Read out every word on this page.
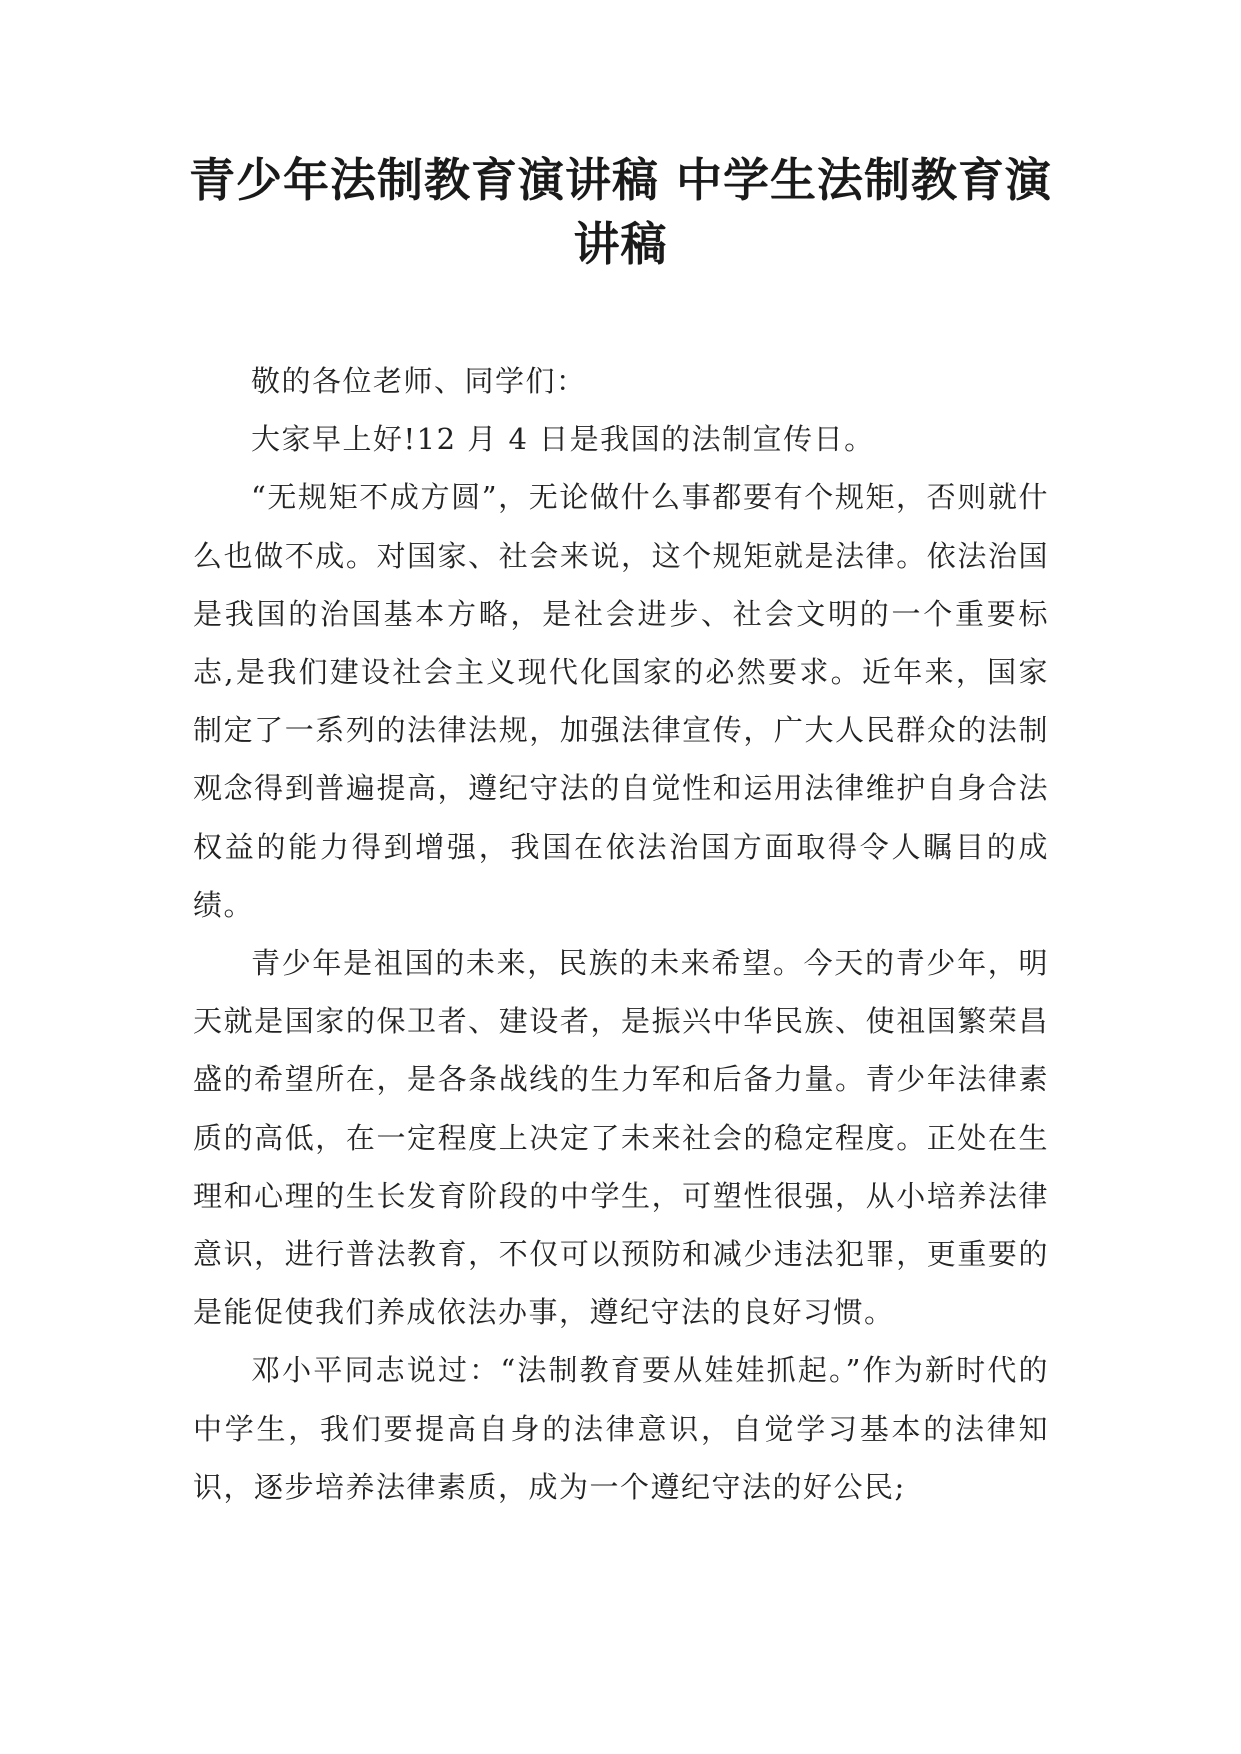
青少年法制教育演讲稿 中学生法制教育演讲稿

敬的各位老师、同学们：

大家早上好!12 月 4 日是我国的法制宣传日。

“无规矩不成方圆”，无论做什么事都要有个规矩，否则就什么也做不成。对国家、社会来说，这个规矩就是法律。依法治国是我国的治国基本方略，是社会进步、社会文明的一个重要标志,是我们建设社会主义现代化国家的必然要求。近年来，国家制定了一系列的法律法规，加强法律宣传，广大人民群众的法制观念得到普遍提高，遵纪守法的自觉性和运用法律维护自身合法权益的能力得到增强，我国在依法治国方面取得令人瞩目的成绩。

青少年是祖国的未来，民族的未来希望。今天的青少年，明天就是国家的保卫者、建设者，是振兴中华民族、使祖国繁荣昌盛的希望所在，是各条战线的生力军和后备力量。青少年法律素质的高低，在一定程度上决定了未来社会的稳定程度。正处在生理和心理的生长发育阶段的中学生，可塑性很强，从小培养法律意识，进行普法教育，不仅可以预防和减少违法犯罪，更重要的是能促使我们养成依法办事，遵纪守法的良好习惯。

邓小平同志说过：“法制教育要从娃娃抓起。”作为新时代的中学生，我们要提高自身的法律意识，自觉学习基本的法律知识，逐步培养法律素质，成为一个遵纪守法的好公民;
